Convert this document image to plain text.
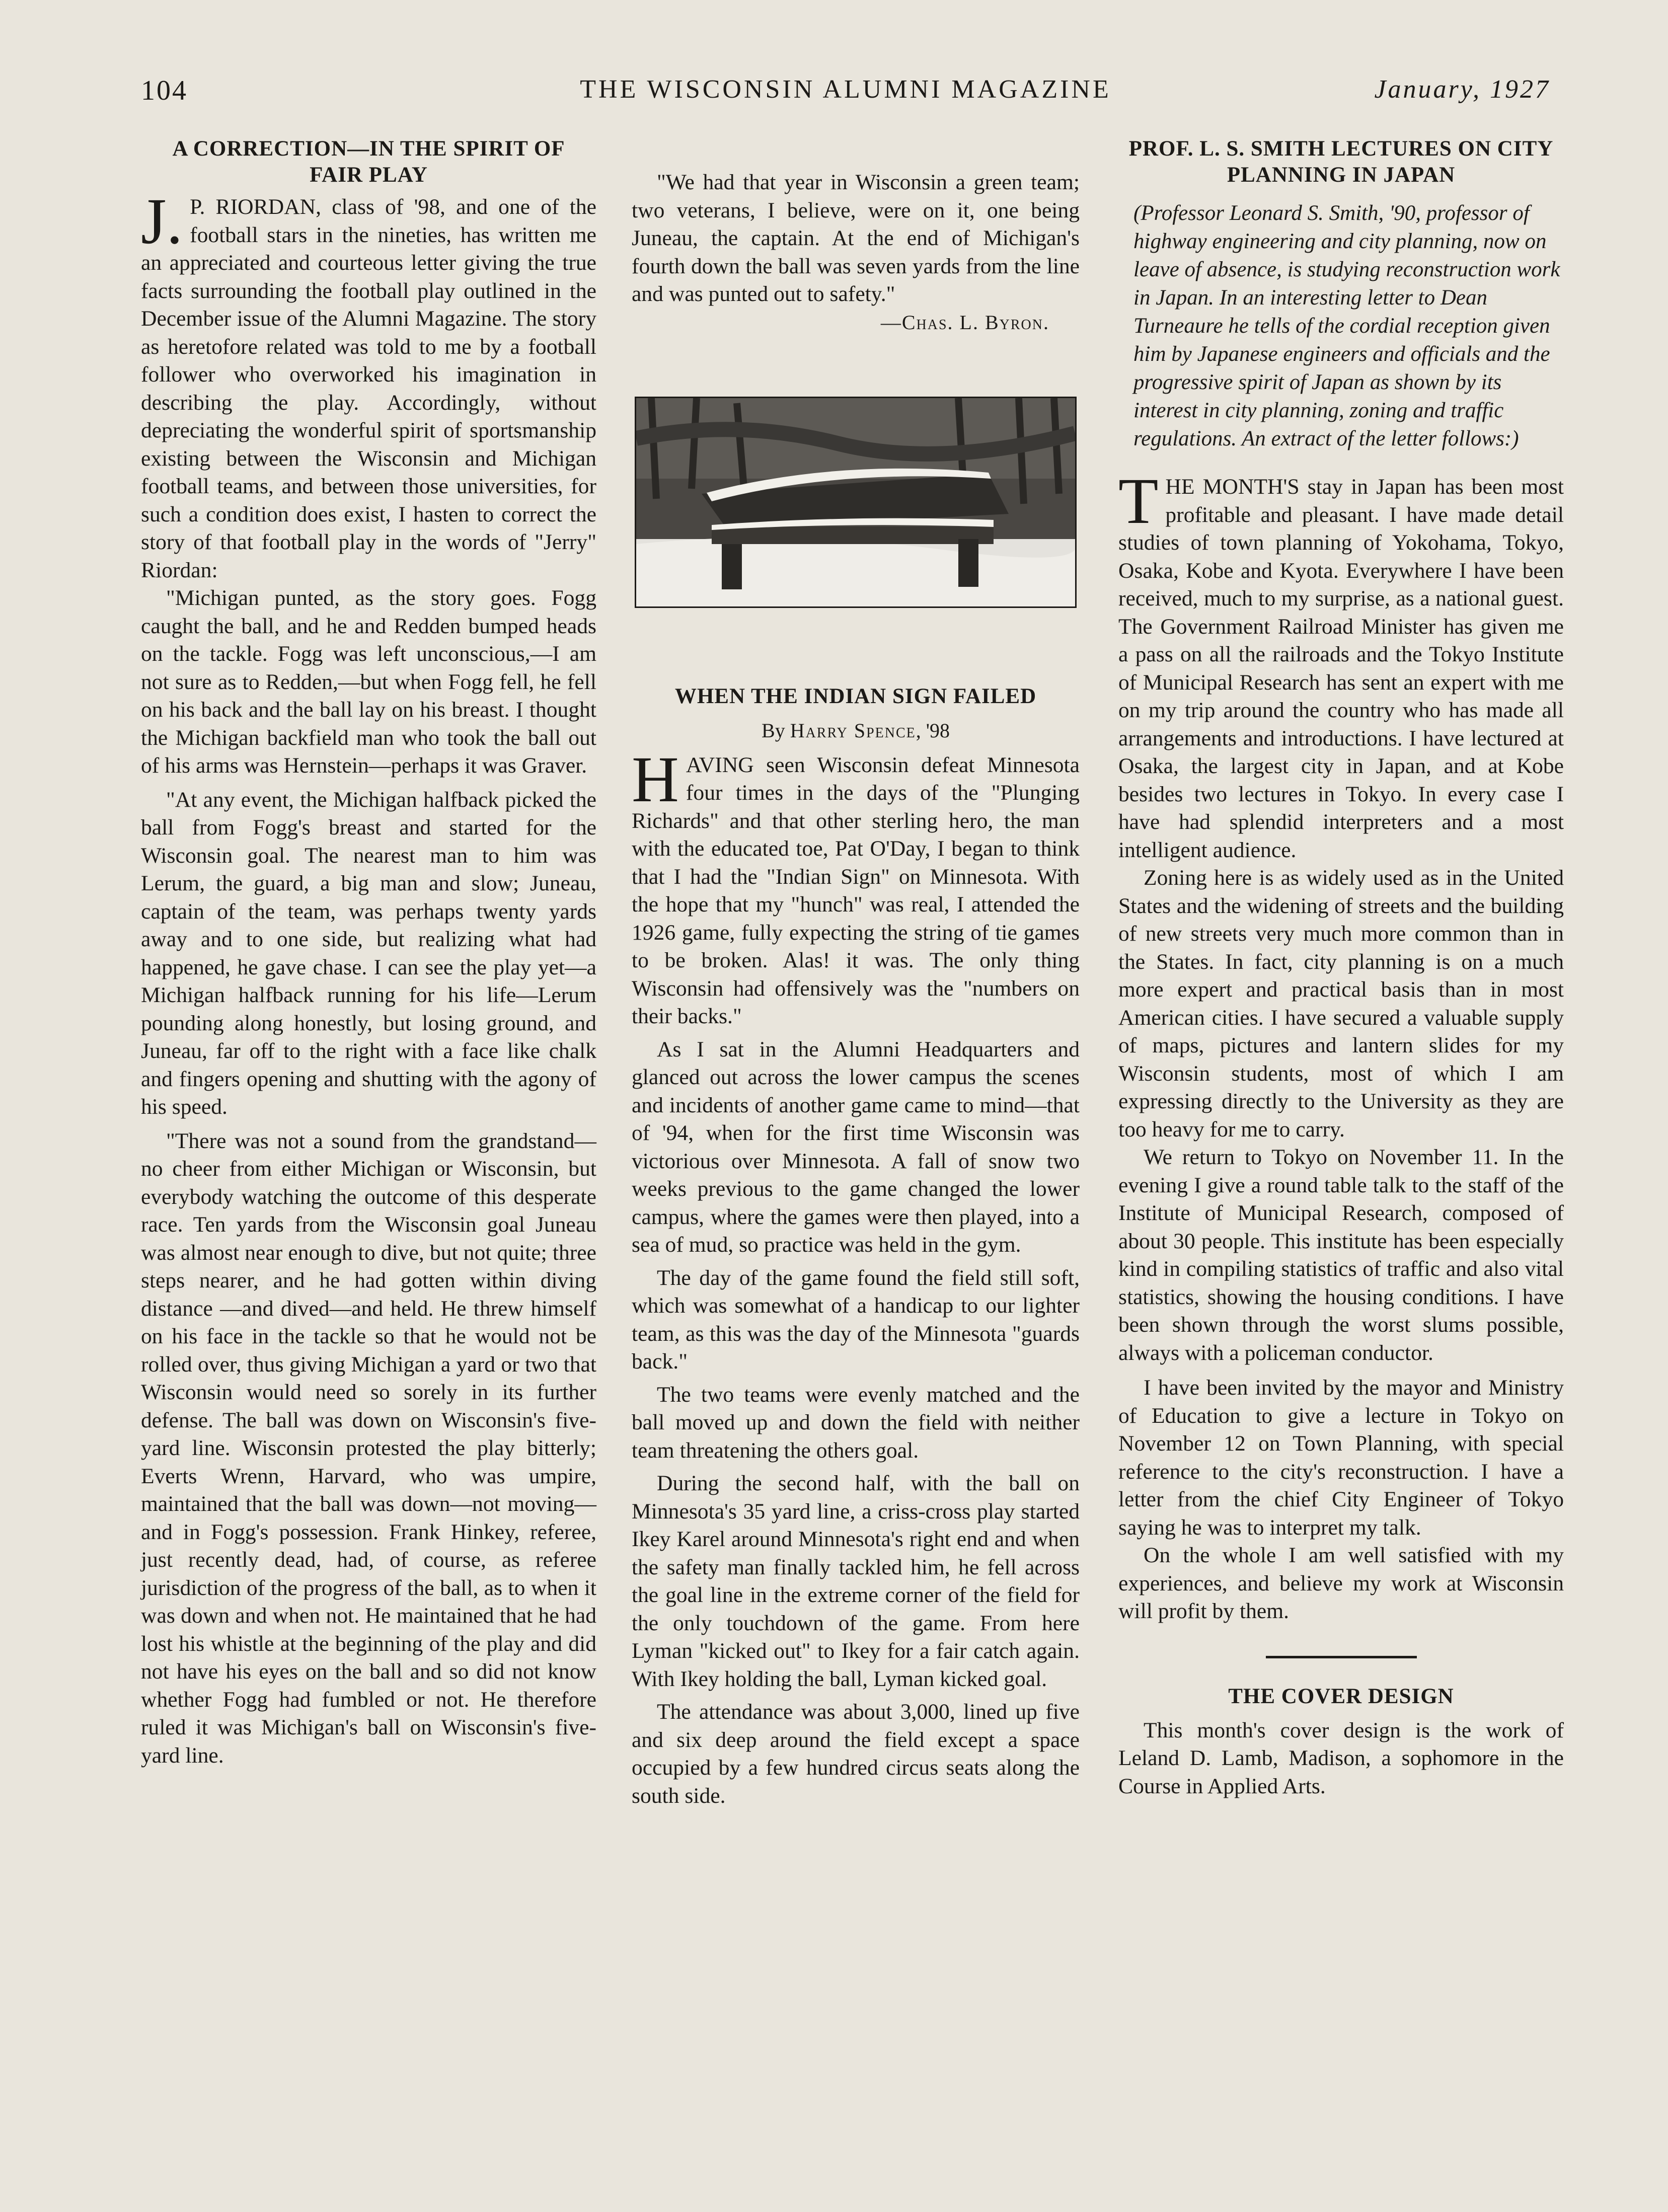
104	THE WISCONSIN ALUMNI MAGAZINE	January, 1927
A CORRECTION—IN THE SPIRIT OF FAIR PLAY

J.P. RIORDAN, class of '98, and one of the football stars in the nineties, has written me an appreciated and courteous letter giving the true facts surrounding the football play outlined in the December issue of the Alumni Magazine. The story as heretofore related was told to me by a football follower who overworked his imagination in describing the play. Accordingly, without depreciating the wonderful spirit of sportsmanship existing between the Wisconsin and Michigan football teams, and between those universities, for such a condition does exist, I hasten to correct the story of that football play in the words of "Jerry" Riordan:

"Michigan punted, as the story goes. Fogg caught the ball, and he and Redden bumped heads on the tackle. Fogg was left unconscious,—I am not sure as to Redden,—but when Fogg fell, he fell on his back and the ball lay on his breast. I thought the Michigan backfield man who took the ball out of his arms was Hernstein—perhaps it was Graver.

"At any event, the Michigan halfback picked the ball from Fogg's breast and started for the Wisconsin goal. The nearest man to him was Lerum, the guard, a big man and slow; Juneau, captain of the team, was perhaps twenty yards away and to one side, but realizing what had happened, he gave chase. I can see the play yet—a Michigan halfback running for his life—Lerum pounding along honestly, but losing ground, and Juneau, far off to the right with a face like chalk and fingers opening and shutting with the agony of his speed.

"There was not a sound from the grandstand—no cheer from either Michigan or Wisconsin, but everybody watching the outcome of this desperate race. Ten yards from the Wisconsin goal Juneau was almost near enough to dive, but not quite; three steps nearer, and he had gotten within diving distance —and dived—and held. He threw himself on his face in the tackle so that he would not be rolled over, thus giving Michigan a yard or two that Wisconsin would need so sorely in its further defense. The ball was down on Wisconsin's five-yard line. Wisconsin protested the play bitterly; Everts Wrenn, Harvard, who was umpire, maintained that the ball was down—not moving— and in Fogg's possession. Frank Hinkey, referee, just recently dead, had, of course, as referee jurisdiction of the progress of the ball, as to when it was down and when not. He maintained that he had lost his whistle at the beginning of the play and did not have his eyes on the ball and so did not know whether Fogg had fumbled or not. He therefore ruled it was Michigan's ball on Wisconsin's five-yard line.

"We had that year in Wisconsin a green team; two veterans, I believe, were on it, one being Juneau, the captain. At the end of Michigan's fourth down the ball was seven yards from the line and was punted out to safety."

—Chas. L. Byron.

WHEN THE INDIAN SIGN FAILED

By Harry Spence, '98

HAVING seen Wisconsin defeat Minnesota four times in the days of the "Plunging Richards" and that other sterling hero, the man with the educated toe, Pat O'Day, I began to think that I had the "Indian Sign" on Minnesota. With the hope that my "hunch" was real, I attended the 1926 game, fully expecting the string of tie games to be broken. Alas! it was. The only thing Wisconsin had offensively was the "numbers on their backs."

As I sat in the Alumni Headquarters and glanced out across the lower campus the scenes and incidents of another game came to mind—that of '94, when for the first time Wisconsin was victorious over Minnesota. A fall of snow two weeks previous to the game changed the lower campus, where the games were then played, into a sea of mud, so practice was held in the gym.

The day of the game found the field still soft, which was somewhat of a handicap to our lighter team, as this was the day of the Minnesota "guards back."

The two teams were evenly matched and the ball moved up and down the field with neither team threatening the others goal.

During the second half, with the ball on Minnesota's 35 yard line, a criss-cross play started Ikey Karel around Minnesota's right end and when the safety man finally tackled him, he fell across the goal line in the extreme corner of the field for the only touchdown of the game. From here Lyman "kicked out" to Ikey for a fair catch again. With Ikey holding the ball, Lyman kicked goal.

The attendance was about 3,000, lined up five and six deep around the field except a space occupied by a few hundred circus seats along the south side.

PROF. L. S. SMITH LECTURES ON CITY PLANNING IN JAPAN

(Professor Leonard S. Smith, '90, professor of highway engineering and city planning, now on leave of absence, is studying reconstruction work in Japan. In an interesting letter to Dean Turneaure he tells of the cordial reception given him by Japanese engineers and officials and the progressive spirit of Japan as shown by its interest in city planning, zoning and traffic regulations. An extract of the letter follows:)

THE MONTH'S stay in Japan has been most profitable and pleasant. I have made detail studies of town planning of Yokohama, Tokyo, Osaka, Kobe and Kyota. Everywhere I have been received, much to my surprise, as a national guest. The Government Railroad Minister has given me a pass on all the railroads and the Tokyo Institute of Municipal Research has sent an expert with me on my trip around the country who has made all arrangements and introductions. I have lectured at Osaka, the largest city in Japan, and at Kobe besides two lectures in Tokyo. In every case I have had splendid interpreters and a most intelligent audience.

Zoning here is as widely used as in the United States and the widening of streets and the building of new streets very much more common than in the States. In fact, city planning is on a much more expert and practical basis than in most American cities. I have secured a valuable supply of maps, pictures and lantern slides for my Wisconsin students, most of which I am expressing directly to the University as they are too heavy for me to carry.

We return to Tokyo on November 11. In the evening I give a round table talk to the staff of the Institute of Municipal Research, composed of about 30 people. This institute has been especially kind in compiling statistics of traffic and also vital statistics, showing the housing conditions. I have been shown through the worst slums possible, always with a policeman conductor.

I have been invited by the mayor and Ministry of Education to give a lecture in Tokyo on November 12 on Town Planning, with special reference to the city's reconstruction. I have a letter from the chief City Engineer of Tokyo saying he was to interpret my talk.

On the whole I am well satisfied with my experiences, and believe my work at Wisconsin will profit by them.

THE COVER DESIGN

This month's cover design is the work of Leland D. Lamb, Madison, a sophomore in the Course in Applied Arts.
